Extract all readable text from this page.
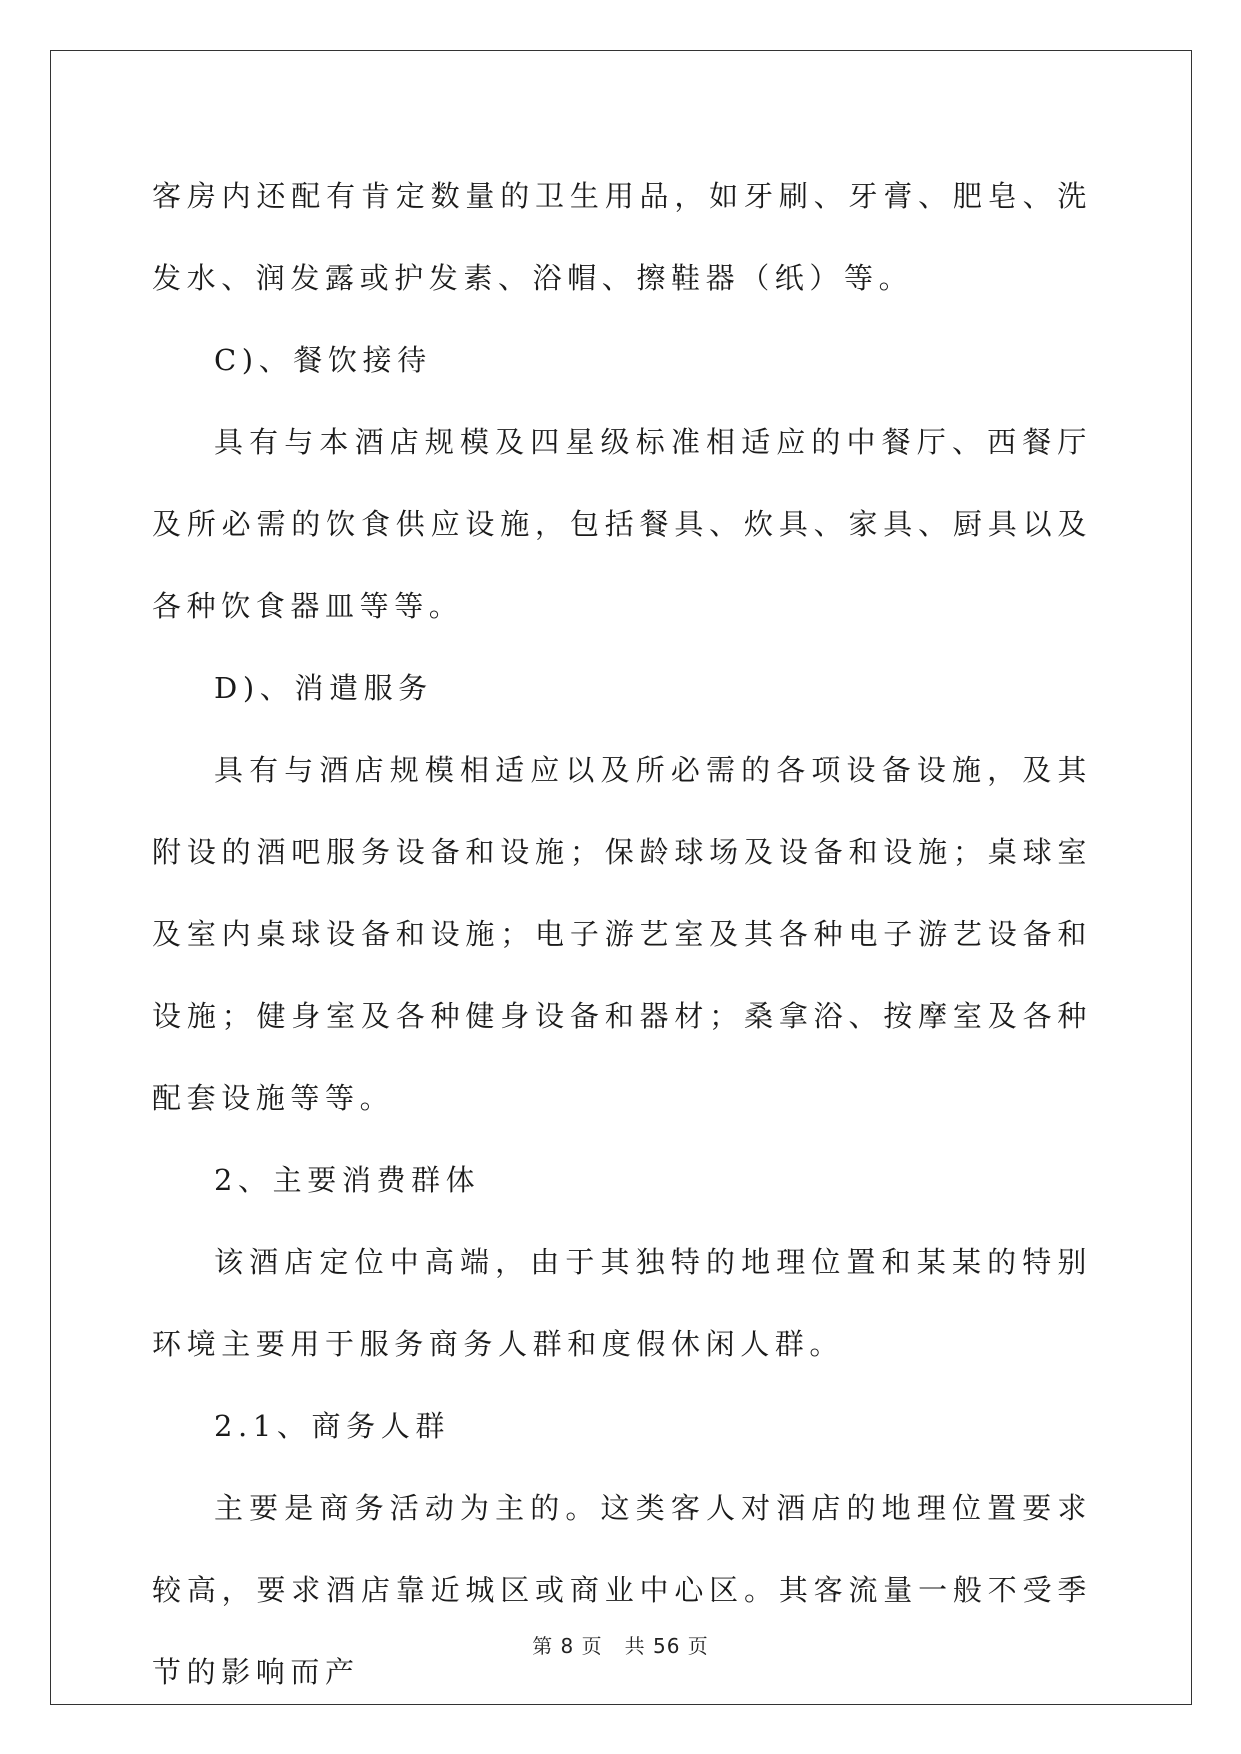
客房内还配有肯定数量的卫生用品，如牙刷、牙膏、肥皂、洗发水、润发露或护发素、浴帽、擦鞋器（纸）等。

C)、餐饮接待

具有与本酒店规模及四星级标准相适应的中餐厅、西餐厅及所必需的饮食供应设施，包括餐具、炊具、家具、厨具以及各种饮食器皿等等。

D)、消遣服务

具有与酒店规模相适应以及所必需的各项设备设施，及其附设的酒吧服务设备和设施；保龄球场及设备和设施；桌球室及室内桌球设备和设施；电子游艺室及其各种电子游艺设备和设施；健身室及各种健身设备和器材；桑拿浴、按摩室及各种配套设施等等。

2、主要消费群体

该酒店定位中高端，由于其独特的地理位置和某某的特别环境主要用于服务商务人群和度假休闲人群。

2.1、商务人群

主要是商务活动为主的。这类客人对酒店的地理位置要求较高，要求酒店靠近城区或商业中心区。其客流量一般不受季节的影响而产

第 8 页 共 56 页
